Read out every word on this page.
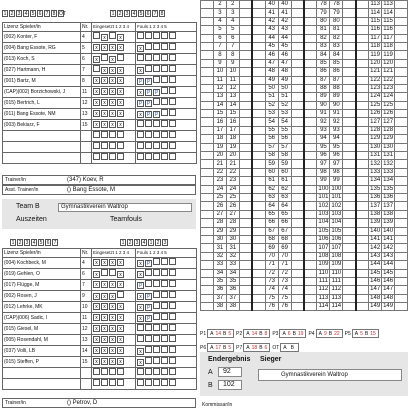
1 2 3 4 5 6 7 8 OT	1 2 3 4 5 6 7 8
Lizenz Spieler/in	Nr.	Eingesetzt 1 2 3 4	Fouls 1 2 3 4 5
(002) Konter, F	4	x x	
(004) Bang Essote, RG	5	x x x x	x
(013) Koch, S	6	x x	
(027) Hartmann, H	7	x x x	x
(001) Bartz, M	8	x x x x	P P
(CAP)(002) Borzichowski, J	11	x x x x	x P P
(015) Bertrich, L	12	x x x x	P P
(011) Bang Essote, NM	13	x x x x	x P P
(003) Bekiarz, F	15	x x x x	

Trainer/in	(347) Koev, R
Asst. Trainer/in	() Bang Essote, M
Team B	Gymnastikverein Waltrop
Auszeiten	Teamfouls
1 2 3 4 5 6 7	1 2 3 4 1 2 3
Lizenz Spieler/in	Nr.	Eingesetzt 1 2 3 4	Fouls 1 2 3 4 5
(004) Kochbeck, M	4	x x x x	x P
(019) Gehlen, O	6	x x	x
(017) Flügge, M	7	x x x x	P
(002) Rosen, J	9	x x x	x P
(012) Lehrke, MK	10	x x x x	x P
(CAP)(006) Sadic, I	11	x x x x	x P
(015) Giesel, M	12	x x x x	
(005) Rosendahl, M	13	x x x x	
(037) Volli, LB	14	x x x x	x
(015) Steffen, P	15	x x x x	x

Trainer/in	() Petrov, D
	2	2			40	40			78	78			113	113	
	3	3			41	41			79	79			114	114	
	4	4			42	42			80	80			115	115	
	5	5			43	43			81	81			116	116	
	6	6			44	44			82	82			117	117	
	7	7			45	45			83	83			118	118	
	8	8			46	46			84	84			119	119	
	9	9			47	47			85	85			120	120	
	10	10			48	48			86	86			121	121	
	11	11			49	49			87	87			122	122	
	12	12			50	50			88	88			123	123	
	13	13			51	51			89	89			124	124	
	14	14			52	52			90	90			125	125	
	15	15			53	53			91	91			126	126	
	16	16			54	54			92	92			127	127	
	17	17			55	55			93	93			128	128	
	18	18			56	56			94	94			129	129	
	19	19			57	57			95	95			130	130	
	20	20			58	58			96	96			131	131	
	21	21			59	59			97	97			132	132	
	22	22			60	60			98	98			133	133	
	23	23			61	61			99	99			134	134	
	24	24			62	62			100	100			135	135	
	25	25			63	63			101	101			136	136	
	26	26			64	64			102	102			137	137	
	27	27			65	65			103	103			138	138	
	28	28			66	66			104	104			139	139	
	29	29			67	67			105	105			140	140	
	30	30			68	68			106	106			141	141	
	31	31			69	69			107	107			142	142	
	32	32			70	70			108	108			143	143	
	33	33			71	71			109	109			144	144	
	34	34			72	72			110	110			145	145	
	35	35			73	73			111	111			146	146	
	36	36			74	74			112	112			147	147	
	37	37			75	75			113	113			148	148	
	38	38			76	76			114	114			149	149	
P1 A 14 B 5 P2 A 14 B 8 P3 A 6 B 19 P4 A 9 B 22 P5 A 5 B 15
P6 A 17 B 5 P7 A 18 B 6 OT A B
Endergebnis Sieger
A	92
B	102
Gymnastikverein Waltrop
Kommissar/in
